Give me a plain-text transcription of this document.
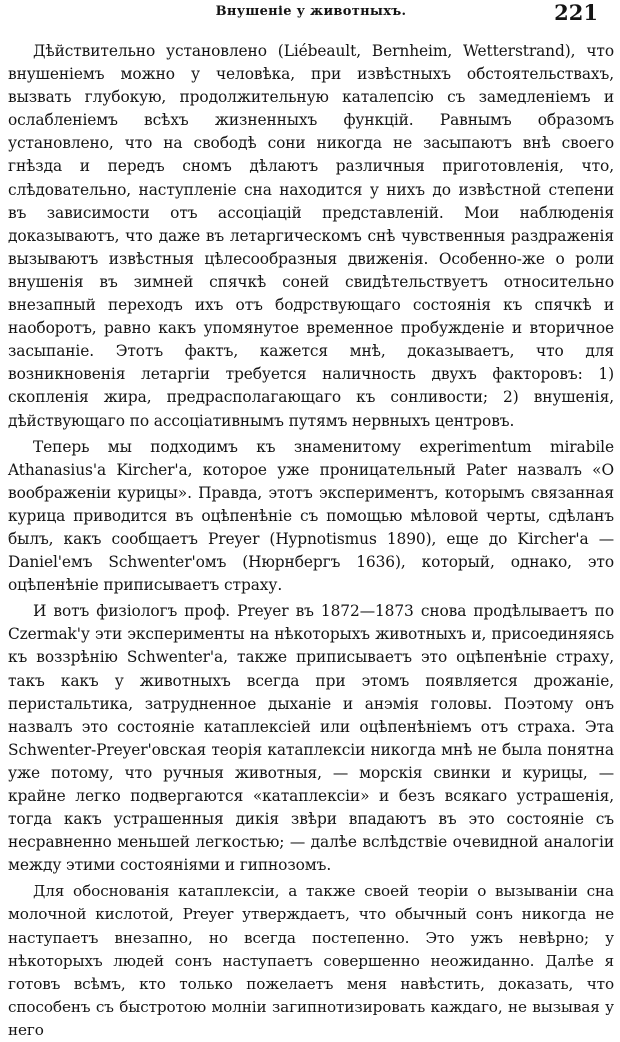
Внушеніе у животныхъ.	221

Дѣйствительно установлено (Liébeault, Bernheim, Wetterstrand), что внушеніемъ можно у человѣка, при извѣстныхъ обстоятельствахъ, вызвать глубокую, продолжительную каталепсію съ замедленіемъ и ослабленіемъ всѣхъ жизненныхъ функцій. Равнымъ образомъ установлено, что на свободѣ сони никогда не засыпаютъ внѣ своего гнѣзда и передъ сномъ дѣлаютъ различныя приготовленія, что, слѣдовательно, наступленіе сна находится у нихъ до извѣстной степени въ зависимости отъ ассоціацій представленій. Мои наблюденія доказываютъ, что даже въ летаргическомъ снѣ чувственныя раздраженія вызываютъ извѣстныя цѣлесообразныя движенія. Особенно-же о роли внушенія въ зимней спячкѣ соней свидѣтельствуетъ относительно внезапный переходъ ихъ отъ бодрствующаго состоянія къ спячкѣ и наоборотъ, равно какъ упомянутое временное пробужденіе и вторичное засыпаніе. Этотъ фактъ, кажется мнѣ, доказываетъ, что для возникновенія летаргіи требуется наличность двухъ факторовъ: 1) скопленія жира, предрасполагающаго къ сонливости; 2) внушенія, дѣйствующаго по ассоціативнымъ путямъ нервныхъ центровъ.

Теперь мы подходимъ къ знаменитому experimentum mirabile Athanasius'а Kircher'а, которое уже проницательный Pater назвалъ «О воображеніи курицы». Правда, этотъ экспериментъ, которымъ связанная курица приводится въ оцѣпенѣніе съ помощью мѣловой черты, сдѣланъ былъ, какъ сообщаетъ Preyer (Hypnotismus 1890), еще до Kircher'а — Daniel'емъ Schwenter'омъ (Нюрнбергъ 1636), который, однако, это оцѣпенѣніе приписываетъ страху.

И вотъ физіологъ проф. Preyer въ 1872—1873 снова продѣлываетъ по Czermak'у эти эксперименты на нѣкоторыхъ животныхъ и, присоединяясь къ воззрѣнію Schwenter'а, также приписываетъ это оцѣпенѣніе страху, такъ какъ у животныхъ всегда при этомъ появляется дрожаніе, перистальтика, затрудненное дыханіе и анэмія головы. Поэтому онъ назвалъ это состояніе катаплексіей или оцѣпенѣніемъ отъ страха. Эта Schwenter-Preyer'овская теорія катаплексіи никогда мнѣ не была понятна уже потому, что ручныя животныя, — морскія свинки и курицы, — крайне легко подвергаются «катаплексіи» и безъ всякаго устрашенія, тогда какъ устрашенныя дикія звѣри впадаютъ въ это состояніе съ несравненно меньшей легкостью; — далѣе вслѣдствіе очевидной аналогіи между этими состояніями и гипнозомъ.

Для обоснованія катаплексіи, а также своей теоріи о вызываніи сна молочной кислотой, Preyer утверждаетъ, что обычный сонъ никогда не наступаетъ внезапно, но всегда постепенно. Это ужъ невѣрно; у нѣкоторыхъ людей сонъ наступаетъ совершенно неожиданно. Далѣе я готовъ всѣмъ, кто только пожелаетъ меня навѣстить, доказать, что способенъ съ быстротою молніи загипнотизировать каждаго, не вызывая у него
